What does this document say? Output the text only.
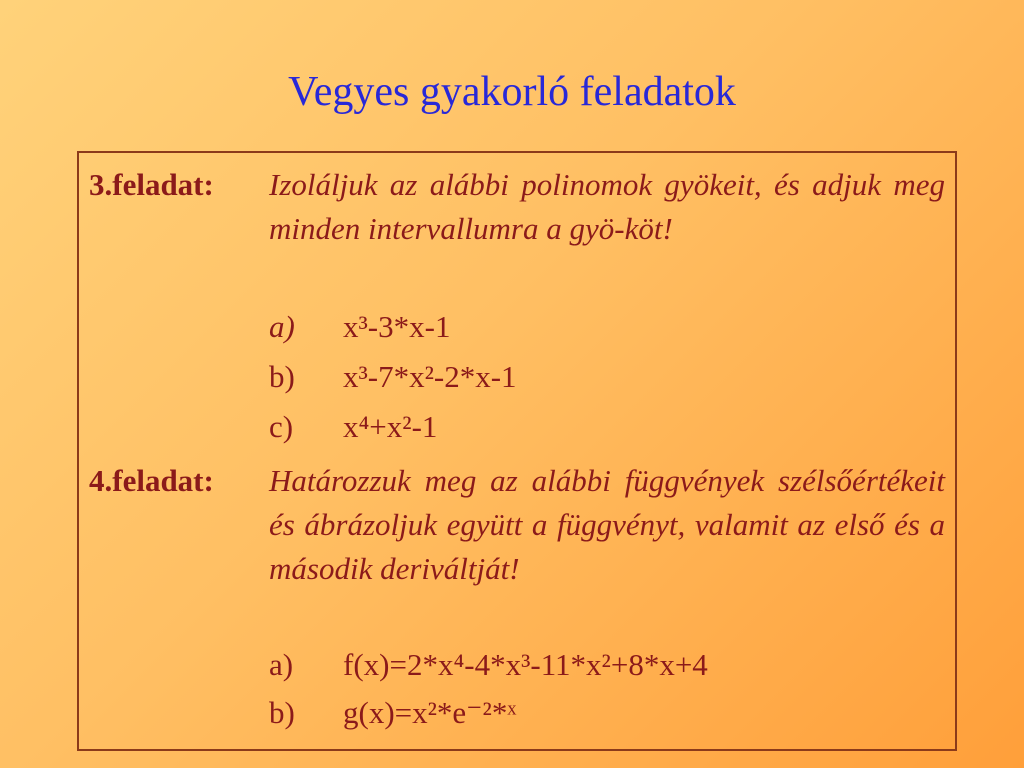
Vegyes gyakorló feladatok
3.feladat: Izoláljuk az alábbi polinomok gyökeit, és adjuk meg minden intervallumra a gyö-köt!
a) x³-3*x-1
b) x³-7*x²-2*x-1
c) x⁴+x²-1
4.feladat: Határozzuk meg az alábbi függvények szélsőértékeit és ábrázoljuk együtt a függvényt, valamit az első és a második deriváltját!
a) f(x)=2*x⁴-4*x³-11*x²+8*x+4
b) g(x)=x²*e⁻²*ˣ
